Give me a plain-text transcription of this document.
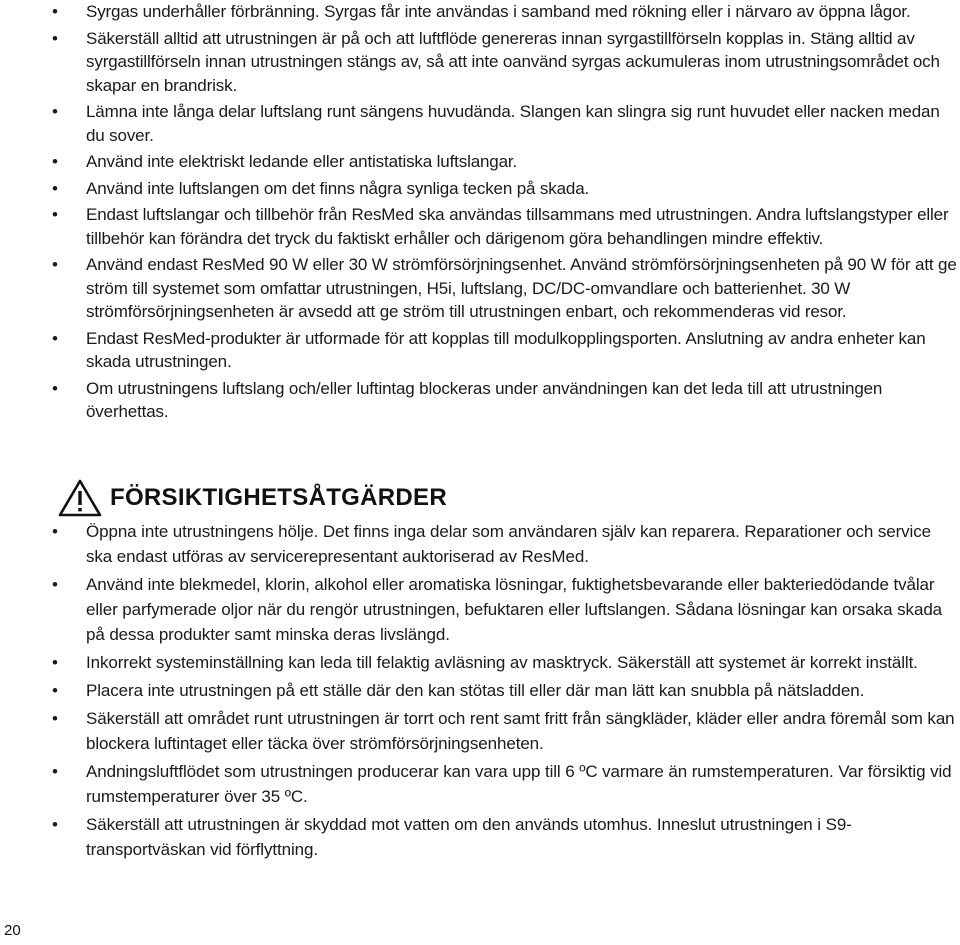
• Syrgas underhåller förbränning. Syrgas får inte användas i samband med rökning eller i närvaro av öppna lågor.
• Säkerställ alltid att utrustningen är på och att luftflöde genereras innan syrgastillförseln kopplas in. Stäng alltid av syrgastillförseln innan utrustningen stängs av, så att inte oanvänd syrgas ackumuleras inom utrustningsområdet och skapar en brandrisk.
• Lämna inte långa delar luftslang runt sängens huvudända. Slangen kan slingra sig runt huvudet eller nacken medan du sover.
• Använd inte elektriskt ledande eller antistatiska luftslangar.
• Använd inte luftslangen om det finns några synliga tecken på skada.
• Endast luftslangar och tillbehör från ResMed ska användas tillsammans med utrustningen. Andra luftslangstyper eller tillbehör kan förändra det tryck du faktiskt erhåller och därigenom göra behandlingen mindre effektiv.
• Använd endast ResMed 90 W eller 30 W strömförsörjningsenhet. Använd strömförsörjningsenheten på 90 W för att ge ström till systemet som omfattar utrustningen, H5i, luftslang, DC/DC-omvandlare och batterienhet. 30 W strömförsörjningsenheten är avsedd att ge ström till utrustningen enbart, och rekommenderas vid resor.
• Endast ResMed-produkter är utformade för att kopplas till modulkopplingsporten. Anslutning av andra enheter kan skada utrustningen.
• Om utrustningens luftslang och/eller luftintag blockeras under användningen kan det leda till att utrustningen överhettas.
FÖRSIKTIGHETSÅTGÄRDER
• Öppna inte utrustningens hölje. Det finns inga delar som användaren själv kan reparera. Reparationer och service ska endast utföras av servicerepresentant auktoriserad av ResMed.
• Använd inte blekmedel, klorin, alkohol eller aromatiska lösningar, fuktighetsbevarande eller bakteriedödande tvålar eller parfymerade oljor när du rengör utrustningen, befuktaren eller luftslangen. Sådana lösningar kan orsaka skada på dessa produkter samt minska deras livslängd.
• Inkorrekt systeminställning kan leda till felaktig avläsning av masktryck. Säkerställ att systemet är korrekt inställt.
• Placera inte utrustningen på ett ställe där den kan stötas till eller där man lätt kan snubbla på nätsladden.
• Säkerställ att området runt utrustningen är torrt och rent samt fritt från sängkläder, kläder eller andra föremål som kan blockera luftintaget eller täcka över strömförsörjningsenheten.
• Andningsluftflödet som utrustningen producerar kan vara upp till 6 ºC varmare än rumstemperaturen. Var försiktig vid rumstemperaturer över 35 ºC.
• Säkerställ att utrustningen är skyddad mot vatten om den används utomhus. Inneslut utrustningen i S9-transportväskan vid förflyttning.
20
